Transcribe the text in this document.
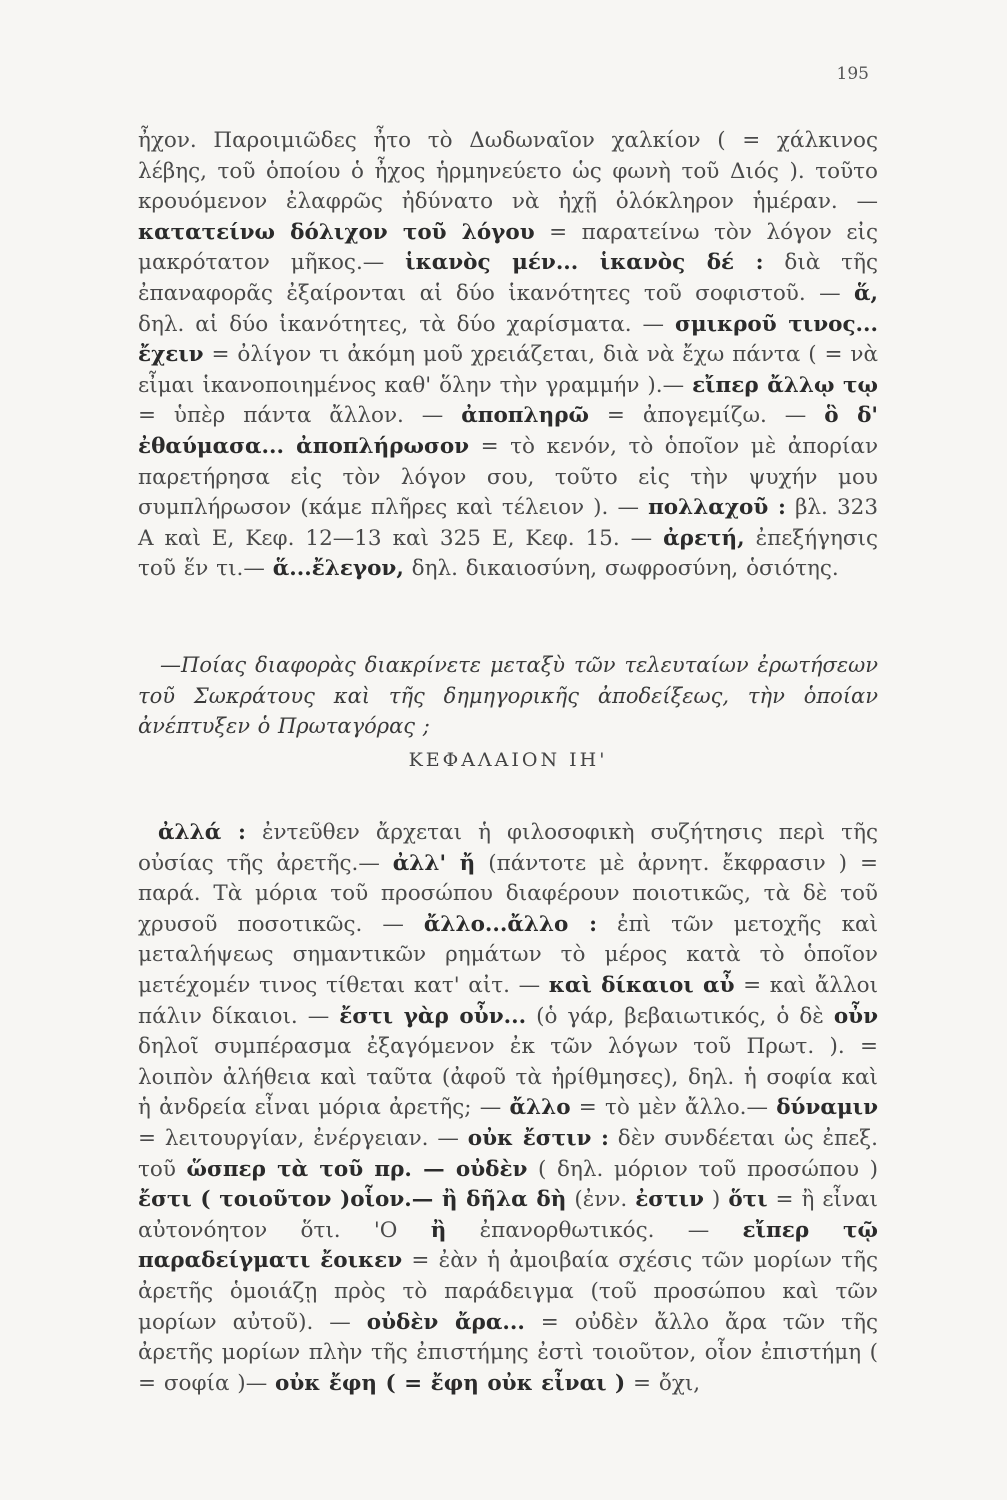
195
ἦχον. Παροιμιῶδες ἦτο τὸ Δωδωναῖον χαλκίον ( = χάλκινος λέβης, τοῦ ὁποίου ὁ ἦχος ἡρμηνεύετο ὡς φωνὴ τοῦ Διός ). τοῦτο κρουόμενον ἐλαφρῶς ἠδύνατο νὰ ἠχῇ ὁλόκληρον ἡμέραν. — κατατείνω δόλιχον τοῦ λόγου = παρατείνω τὸν λόγον εἰς μακρότατον μῆκος.— ἱκανὸς μέν... ἱκανὸς δέ : διὰ τῆς ἐπαναφορᾶς ἐξαίρονται αἱ δύο ἱκανότητες τοῦ σοφιστοῦ. — ἅ, δηλ. αἱ δύο ἱκανότητες, τὰ δύο χαρίσματα. — σμικροῦ τινος... ἔχειν = ὀλίγον τι ἀκόμη μοῦ χρειάζεται, διὰ νὰ ἔχω πάντα ( = νὰ εἶμαι ἱκανοποιημένος καθ' ὅλην τὴν γραμμήν ).— εἴπερ ἄλλῳ τῳ = ὑπὲρ πάντα ἄλλον. — ἀποπληρῶ = ἀπογεμίζω. — ὃ δ' ἐθαύμασα... ἀποπλήρωσον = τὸ κενόν, τὸ ὁποῖον μὲ ἀπορίαν παρετήρησα εἰς τὸν λόγον σου, τοῦτο εἰς τὴν ψυχήν μου συμπλήρωσον (κάμε πλῆρες καὶ τέλειον ). — πολλαχοῦ : βλ. 323 Α καὶ Ε, Κεφ. 12—13 καὶ 325 Ε, Κεφ. 15. — ἀρετή, ἐπεξήγησις τοῦ ἕν τι.— ἅ...ἔλεγον, δηλ. δικαιοσύνη, σωφροσύνη, ὁσιότης.
—Ποίας διαφορὰς διακρίνετε μεταξὺ τῶν τελευταίων ἐρωτήσεων τοῦ Σωκράτους καὶ τῆς δημηγορικῆς ἀποδείξεως, τὴν ὁποίαν ἀνέπτυξεν ὁ Πρωταγόρας ;
ΚΕΦΑΛΑΙΟΝ ΙΗ'
ἀλλά : ἐντεῦθεν ἄρχεται ἡ φιλοσοφικὴ συζήτησις περὶ τῆς οὐσίας τῆς ἀρετῆς.— ἀλλ' ἤ (πάντοτε μὲ ἀρνητ. ἔκφρασιν ) = παρά. Τὰ μόρια τοῦ προσώπου διαφέρουν ποιοτικῶς, τὰ δὲ τοῦ χρυσοῦ ποσοτικῶς. — ἄλλο...ἄλλο : ἐπὶ τῶν μετοχῆς καὶ μεταλήψεως σημαντικῶν ρημάτων τὸ μέρος κατὰ τὸ ὁποῖον μετέχομέν τινος τίθεται κατ' αἰτ. — καὶ δίκαιοι αὖ = καὶ ἄλλοι πάλιν δίκαιοι. — ἔστι γὰρ οὖν... (ὁ γάρ, βεβαιωτικός, ὁ δὲ οὖν δηλοῖ συμπέρασμα ἐξαγόμενον ἐκ τῶν λόγων τοῦ Πρωτ. ). = λοιπὸν ἀλήθεια καὶ ταῦτα (ἀφοῦ τὰ ἠρίθμησες), δηλ. ἡ σοφία καὶ ἡ ἀνδρεία εἶναι μόρια ἀρετῆς; — ἄλλο = τὸ μὲν ἄλλο.— δύναμιν = λειτουργίαν, ἐνέργειαν. — οὐκ ἔστιν : δὲν συνδέεται ὡς ἐπεξ. τοῦ ὥσπερ τὰ τοῦ πρ. — οὐδὲν ( δηλ. μόριον τοῦ προσώπου ) ἔστι ( τοιοῦτον )οἷον.— ἢ δῆλα δὴ (ἐνν. ἐστιν ) ὅτι = ἢ εἶναι αὐτονόητον ὅτι. 'Ο ἢ ἐπανορθωτικός. — εἴπερ τῷ παραδείγματι ἔοικεν = ἐὰν ἡ ἀμοιβαία σχέσις τῶν μορίων τῆς ἀρετῆς ὁμοιάζῃ πρὸς τὸ παράδειγμα (τοῦ προσώπου καὶ τῶν μορίων αὐτοῦ). — οὐδὲν ἄρα... = οὐδὲν ἄλλο ἄρα τῶν τῆς ἀρετῆς μορίων πλὴν τῆς ἐπιστήμης ἐστὶ τοιοῦτον, οἷον ἐπιστήμη ( = σοφία )— οὐκ ἔφη ( = ἔφη οὐκ εἶναι ) = ὄχι,
